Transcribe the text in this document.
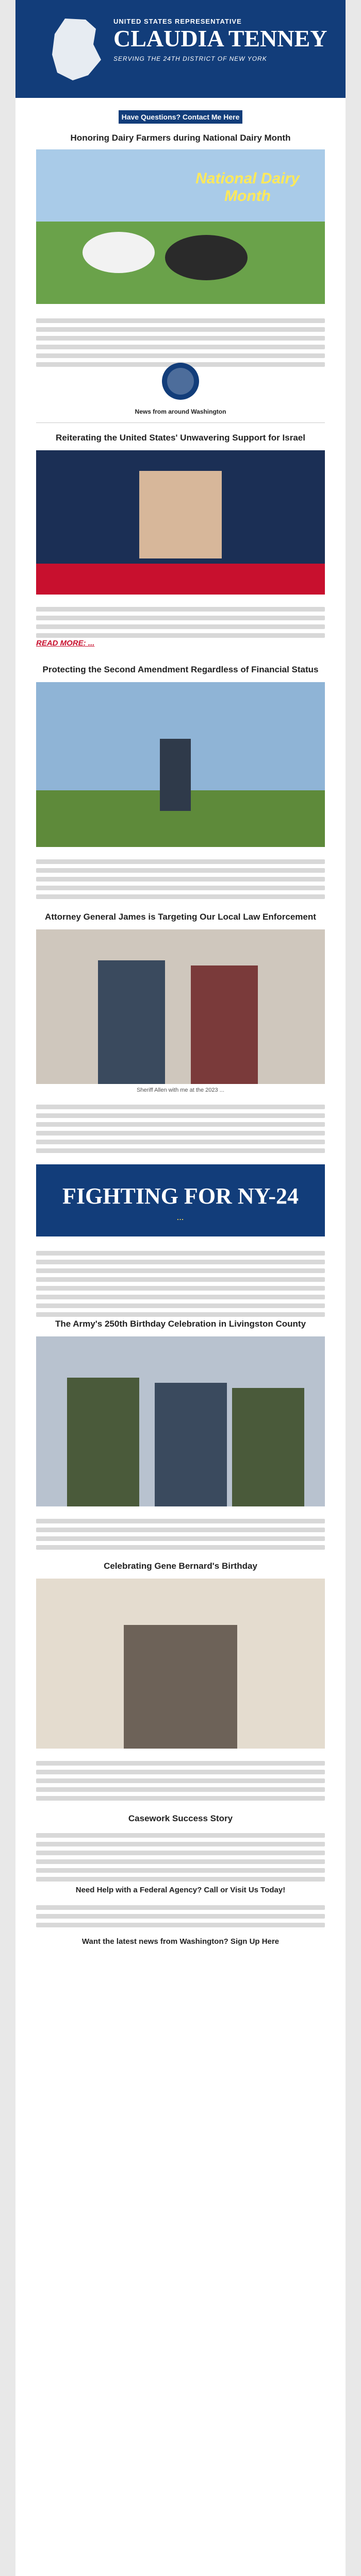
UNITED STATES REPRESENTATIVE
CLAUDIA TENNEY
SERVING THE 24TH DISTRICT OF NEW YORK
Have Questions? Contact Me Here
Honoring Dairy Farmers during National Dairy Month
National Dairy Month
News from around Washington
Reiterating the United States' Unwavering Support for Israel
READ MORE: ...
Protecting the Second Amendment Regardless of Financial Status
Attorney General James is Targeting Our Local Law Enforcement
Sheriff Allen with me at the 2023 ...
FIGHTING FOR NY-24
...
The Army's 250th Birthday Celebration in Livingston County
Celebrating Gene Bernard's Birthday
Casework Success Story
Need Help with a Federal Agency? Call or Visit Us Today!
Want the latest news from Washington? Sign Up Here
